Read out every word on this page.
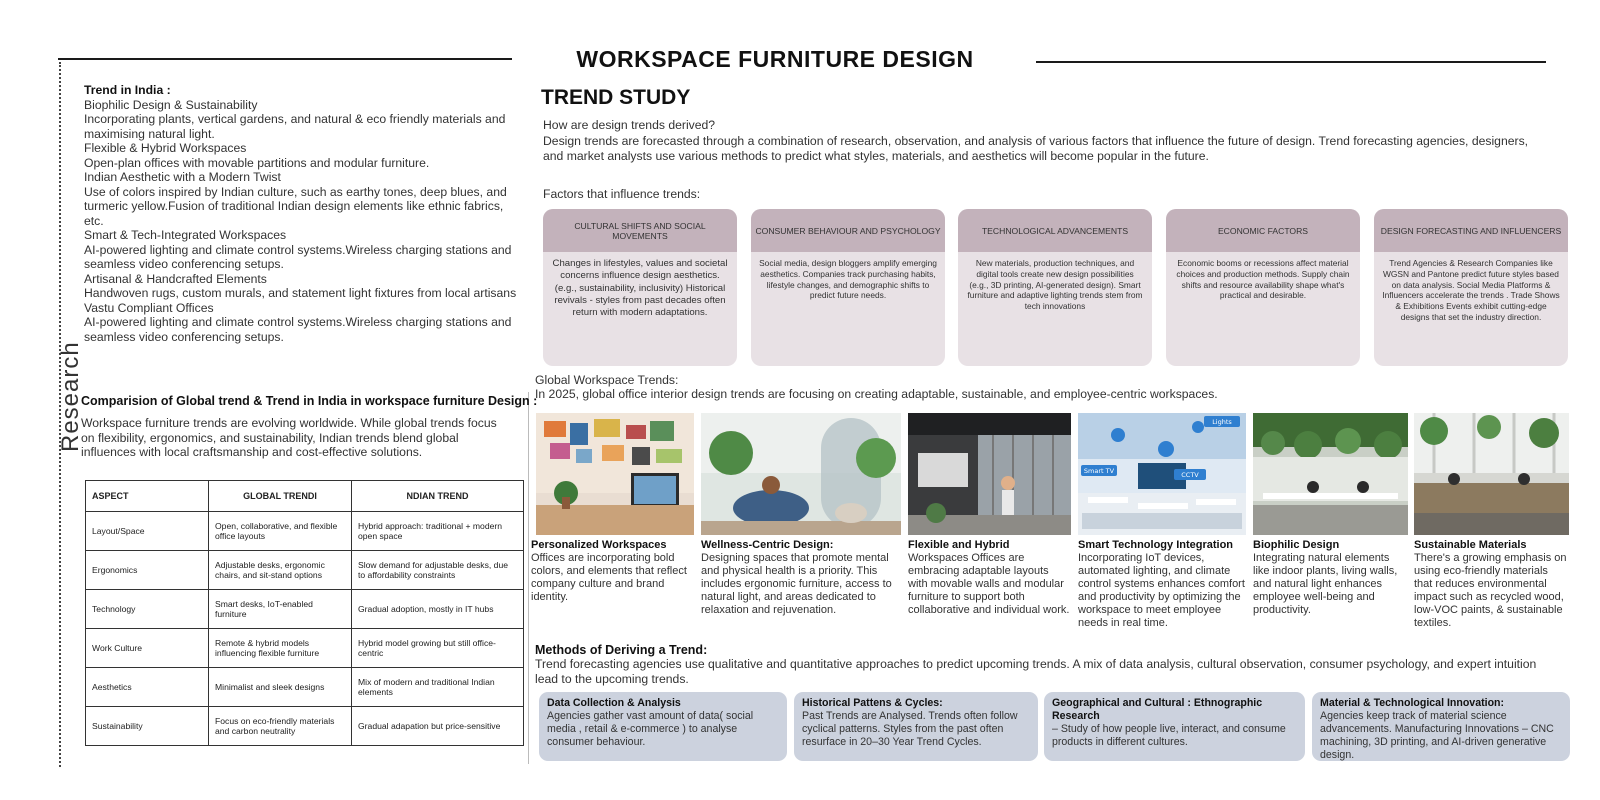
WORKSPACE FURNITURE DESIGN
Research
Trend in India :
Biophilic Design & Sustainability
Incorporating plants, vertical gardens, and natural & eco friendly materials and maximising natural light.
Flexible & Hybrid Workspaces
Open-plan offices with movable partitions and modular furniture.
Indian Aesthetic with a Modern Twist
Use of colors inspired by Indian culture, such as earthy tones, deep blues, and turmeric yellow.Fusion of traditional Indian design elements like ethnic fabrics, etc.
Smart & Tech-Integrated Workspaces
AI-powered lighting and climate control systems.Wireless charging stations and seamless video conferencing setups.
Artisanal & Handcrafted Elements
Handwoven rugs, custom murals, and statement light fixtures from local artisans
Vastu Compliant Offices
AI-powered lighting and climate control systems.Wireless charging stations and seamless video conferencing setups.
Comparision of Global trend & Trend in India in workspace furniture Design :
Workspace furniture trends are evolving worldwide. While global trends focus on flexibility, ergonomics, and sustainability, Indian trends blend global influences with local craftsmanship and cost-effective solutions.
ASPECT	GLOBAL TRENDI	NDIAN TREND
Layout/Space	Open, collaborative, and flexible office layouts	Hybrid approach: traditional + modern open space
Ergonomics	Adjustable desks, ergonomic chairs, and sit-stand options	Slow demand for adjustable desks, due to affordability constraints
Technology	Smart desks, IoT-enabled furniture	Gradual adoption, mostly in IT hubs
Work Culture	Remote & hybrid models influencing flexible furniture	Hybrid model growing but still office-centric
Aesthetics	Minimalist and sleek designs	Mix of modern and traditional Indian elements
Sustainability	Focus on eco-friendly materials and carbon neutrality	Gradual adapation but price-sensitive
TREND STUDY
How are design trends derived?
Design trends are forecasted through a combination of research, observation, and analysis of various factors that influence the future of design. Trend forecasting agencies, designers, and market analysts use various methods to predict what styles, materials, and aesthetics will become popular in the future.
Factors that influence trends:
CULTURAL SHIFTS AND SOCIAL MOVEMENTS
Changes in lifestyles, values and societal concerns influence design aesthetics.(e.g., sustainability, inclusivity) Historical revivals - styles from past decades often return with modern adaptations.
CONSUMER BEHAVIOUR AND PSYCHOLOGY
Social media, design bloggers amplify emerging aesthetics. Companies track purchasing habits, lifestyle changes, and demographic shifts to predict future needs.
TECHNOLOGICAL ADVANCEMENTS
New materials, production techniques, and digital tools create new design possibilities (e.g., 3D printing, AI-generated design). Smart furniture and adaptive lighting trends stem from tech innovations
ECONOMIC FACTORS
Economic booms or recessions affect material choices and production methods. Supply chain shifts and resource availability shape what's practical and desirable.
DESIGN FORECASTING AND INFLUENCERS
Trend Agencies & Research Companies like WGSN and Pantone predict future styles based on data analysis. Social Media Platforms & Influencers accelerate the trends . Trade Shows & Exhibitions Events exhibit cutting-edge designs that set the industry direction.
Global Workspace Trends:
In 2025, global office interior design trends are focusing on creating adaptable, sustainable, and employee-centric workspaces.
Smart TV
Lights
CCTV
Personalized Workspaces
Offices are incorporating bold colors, and elements that reflect company culture and brand identity.
Wellness-Centric Design:
Designing spaces that promote mental and physical health is a priority. This includes ergonomic furniture, access to natural light, and areas dedicated to relaxation and rejuvenation.
Flexible and Hybrid
Workspaces Offices are embracing adaptable layouts with movable walls and modular furniture to support both collaborative and individual work.
Smart Technology Integration
Incorporating IoT devices, automated lighting, and climate control systems enhances comfort and productivity by optimizing the workspace to meet employee needs in real time.
Biophilic Design
Integrating natural elements like indoor plants, living walls, and natural light enhances employee well-being and productivity.
Sustainable Materials
There's a growing emphasis on using eco-friendly materials that reduces environmental impact such as recycled wood, low-VOC paints, & sustainable textiles.
Methods of Deriving a Trend:
Trend forecasting agencies use qualitative and quantitative approaches to predict upcoming trends. A mix of data analysis, cultural observation, consumer psychology, and expert intuition lead to the upcoming trends.
Data Collection & Analysis
Agencies gather vast amount of data( social media , retail & e-commerce ) to analyse consumer behaviour.
Historical Pattens & Cycles:
Past Trends are Analysed. Trends often follow cyclical patterns. Styles from the past often resurface in 20–30 Year Trend Cycles.
Geographical and Cultural : Ethnographic Research
– Study of how people live, interact, and consume products in different cultures.
Material & Technological Innovation:
Agencies keep track of material science advancements. Manufacturing Innovations – CNC machining, 3D printing, and AI-driven generative design.
